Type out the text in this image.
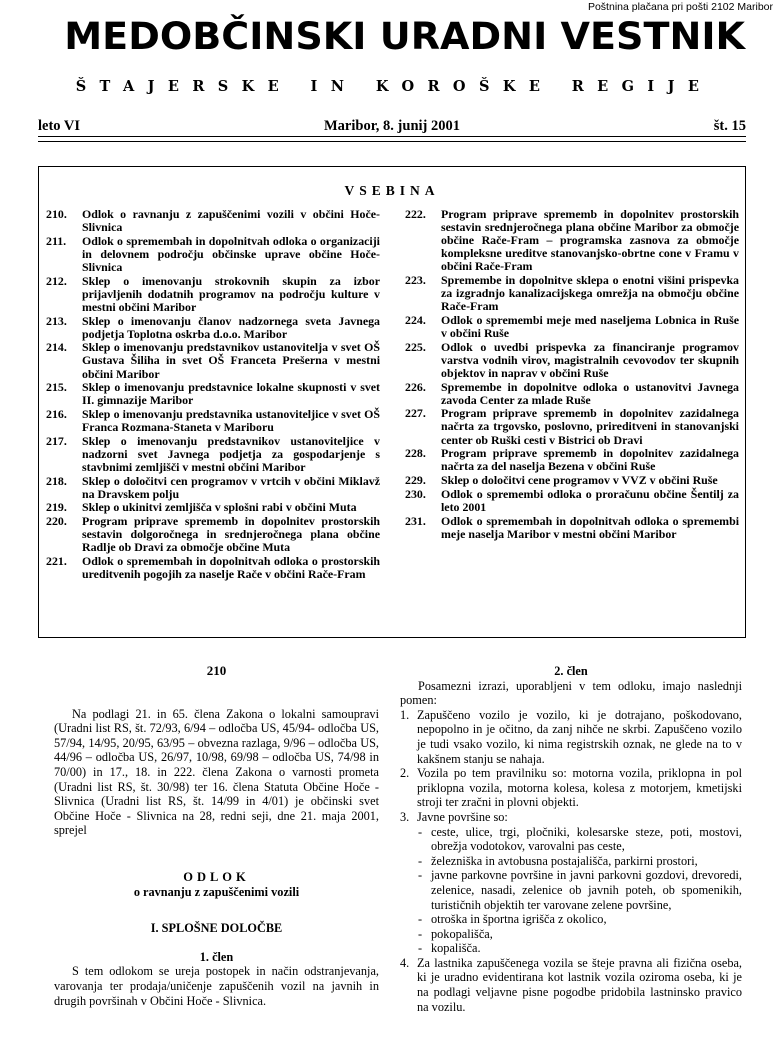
Poštnina plačana pri pošti 2102 Maribor
MEDOBČINSKI URADNI VESTNIK
ŠTAJERSKE IN KOROŠKE REGIJE
leto VI	Maribor, 8. junij 2001	št. 15
VSEBINA
210. Odlok o ravnanju z zapuščenimi vozili v občini Hoče-Slivnica
211. Odlok o spremembah in dopolnitvah odloka o organizaciji in delovnem področju občinske uprave občine Hoče-Slivnica
212. Sklep o imenovanju strokovnih skupin za izbor prijavljenih dodatnih programov na področju kulture v mestni občini Maribor
213. Sklep o imenovanju članov nadzornega sveta Javnega podjetja Toplotna oskrba d.o.o. Maribor
214. Sklep o imenovanju predstavnikov ustanovitelja v svet OŠ Gustava Šiliha in svet OŠ Franceta Prešerna v mestni občini Maribor
215. Sklep o imenovanju predstavnice lokalne skupnosti v svet II. gimnazije Maribor
216. Sklep o imenovanju predstavnika ustanoviteljice v svet OŠ Franca Rozmana-Staneta v Mariboru
217. Sklep o imenovanju predstavnikov ustanoviteljice v nadzorni svet Javnega podjetja za gospodarjenje s stavbnimi zemljišči v mestni občini Maribor
218. Sklep o določitvi cen programov v vrtcih v občini Miklavž na Dravskem polju
219. Sklep o ukinitvi zemljišča v splošni rabi v občini Muta
220. Program priprave sprememb in dopolnitev prostorskih sestavin dolgoročnega in srednjeročnega plana občine Radlje ob Dravi za območje občine Muta
221. Odlok o spremembah in dopolnitvah odloka o prostorskih ureditvenih pogojih za naselje Rače v občini Rače-Fram
222. Program priprave sprememb in dopolnitev prostorskih sestavin srednjeročnega plana občine Maribor za območje občine Rače-Fram – programska zasnova za območje kompleksne ureditve stanovanjsko-obrtne cone v Framu v občini Rače-Fram
223. Spremembe in dopolnitve sklepa o enotni višini prispevka za izgradnjo kanalizacijskega omrežja na območju občine Rače-Fram
224. Odlok o spremembi meje med naseljema Lobnica in Ruše v občini Ruše
225. Odlok o uvedbi prispevka za financiranje programov varstva vodnih virov, magistralnih cevovodov ter skupnih objektov in naprav v občini Ruše
226. Spremembe in dopolnitve odloka o ustanovitvi Javnega zavoda Center za mlade Ruše
227. Program priprave sprememb in dopolnitev zazidalnega načrta za trgovsko, poslovno, prireditveni in stanovanjski center ob Ruški cesti v Bistrici ob Dravi
228. Program priprave sprememb in dopolnitev zazidalnega načrta za del naselja Bezena v občini Ruše
229. Sklep o določitvi cene programov v VVZ v občini Ruše
230. Odlok o spremembi odloka o proračunu občine Šentilj za leto 2001
231. Odlok o spremembah in dopolnitvah odloka o spremembi meje naselja Maribor v mestni občini Maribor
210
Na podlagi 21. in 65. člena Zakona o lokalni samoupravi (Uradni list RS, št. 72/93, 6/94 – odločba US, 45/94- odločba US, 57/94, 14/95, 20/95, 63/95 – obvezna razlaga, 9/96 – odločba US, 44/96 – odločba US, 26/97, 10/98, 69/98 – odločba US, 74/98 in 70/00) in 17., 18. in 222. člena Zakona o varnosti prometa (Uradni list RS, št. 30/98) ter 16. člena Statuta Občine Hoče - Slivnica (Uradni list RS, št. 14/99 in 4/01) je občinski svet Občine Hoče - Slivnica na 28, redni seji, dne 21. maja 2001, sprejel
ODLOK
o ravnanju z zapuščenimi vozili
I. SPLOŠNE DOLOČBE
1. člen
S tem odlokom se ureja postopek in način odstranjevanja, varovanja ter prodaja/uničenje zapuščenih vozil na javnih in drugih površinah v Občini Hoče - Slivnica.
2. člen
Posamezni izrazi, uporabljeni v tem odloku, imajo naslednji pomen:
1. Zapuščeno vozilo je vozilo, ki je dotrajano, poškodovano, nepopolno in je očitno, da zanj nihče ne skrbi. Zapuščeno vozilo je tudi vsako vozilo, ki nima registrskih oznak, ne glede na to v kakšnem stanju se nahaja.
2. Vozila po tem pravilniku so: motorna vozila, priklopna in pol priklopna vozila, motorna kolesa, kolesa z motorjem, kmetijski stroji ter zračni in plovni objekti.
3. Javne površine so:
- ceste, ulice, trgi, pločniki, kolesarske steze, poti, mostovi, obrežja vodotokov, varovalni pas ceste,
- železniška in avtobusna postajališča, parkirni prostori,
- javne parkovne površine in javni parkovni gozdovi, drevoredi, zelenice, nasadi, zelenice ob javnih poteh, ob spomenikih, turističnih objektih ter varovane zelene površine,
- otroška in športna igrišča z okolico,
- pokopališča,
- kopališča.
4. Za lastnika zapuščenega vozila se šteje pravna ali fizična oseba, ki je uradno evidentirana kot lastnik vozila oziroma oseba, ki je na podlagi veljavne pisne pogodbe pridobila lastninsko pravico na vozilu.
